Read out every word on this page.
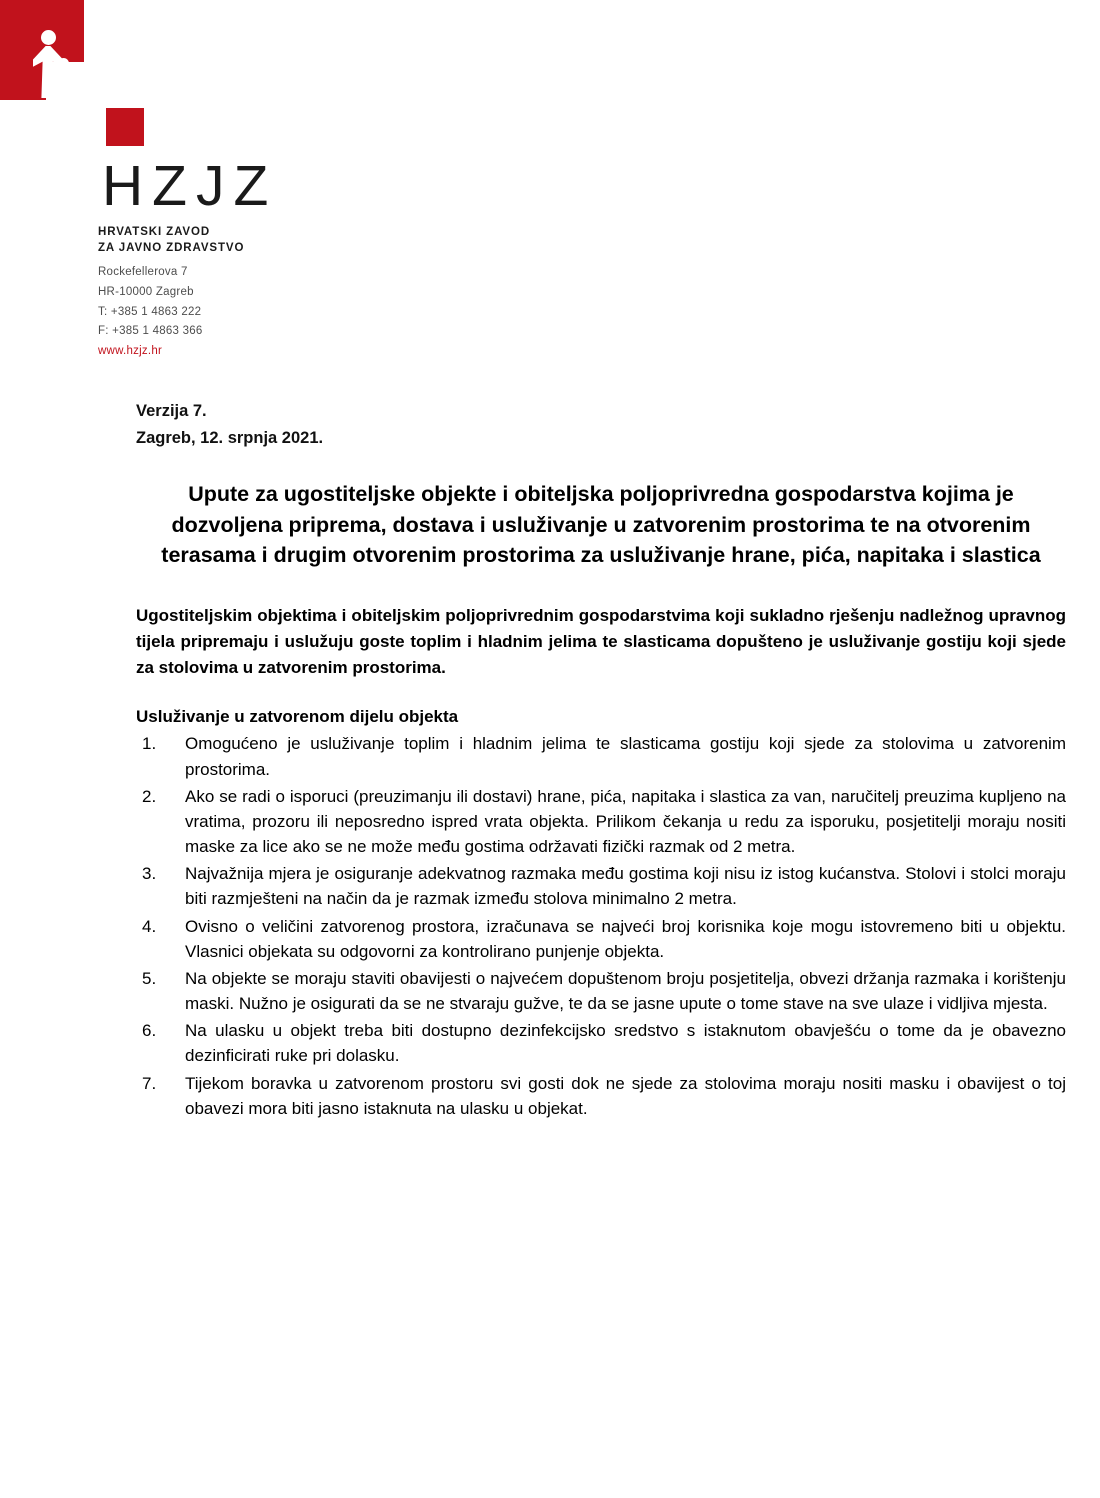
HZJZ
HRVATSKI ZAVOD
ZA JAVNO ZDRAVSTVO
Rockefellerova 7
HR-10000 Zagreb
T: +385 1 4863 222
F: +385 1 4863 366
www.hzjz.hr
Verzija 7.
Zagreb, 12. srpnja 2021.
Upute za ugostiteljske objekte i obiteljska poljoprivredna gospodarstva kojima je dozvoljena priprema, dostava i usluživanje u zatvorenim prostorima te na otvorenim terasama i drugim otvorenim prostorima za usluživanje hrane, pića, napitaka i slastica
Ugostiteljskim objektima i obiteljskim poljoprivrednim gospodarstvima koji sukladno rješenju nadležnog upravnog tijela pripremaju i uslužuju goste toplim i hladnim jelima te slasticama dopušteno je usluživanje gostiju koji sjede za stolovima u zatvorenim prostorima.
Usluživanje u zatvorenom dijelu objekta
1.	Omogućeno je usluživanje toplim i hladnim jelima te slasticama gostiju koji sjede za stolovima u zatvorenim prostorima.
2.	Ako se radi o isporuci (preuzimanju ili dostavi) hrane, pića, napitaka i slastica za van, naručitelj preuzima kupljeno na vratima, prozoru ili neposredno ispred vrata objekta. Prilikom čekanja u redu za isporuku, posjetitelji moraju nositi maske za lice ako se ne može među gostima održavati fizički razmak od 2 metra.
3.	Najvažnija mjera je osiguranje adekvatnog razmaka među gostima koji nisu iz istog kućanstva. Stolovi i stolci moraju biti razmješteni na način da je razmak između stolova minimalno 2 metra.
4.	Ovisno o veličini zatvorenog prostora, izračunava se najveći broj korisnika koje mogu istovremeno biti u objektu. Vlasnici objekata su odgovorni za kontrolirano punjenje objekta.
5.	Na objekte se moraju staviti obavijesti o najvećem dopuštenom broju posjetitelja, obvezi držanja razmaka i korištenju maski. Nužno je osigurati da se ne stvaraju gužve, te da se jasne upute o tome stave na sve ulaze i vidljiva mjesta.
6.	Na ulasku u objekt treba biti dostupno dezinfekcijsko sredstvo s istaknutom obavješću o tome da je obavezno dezinficirati ruke pri dolasku.
7.	Tijekom boravka u zatvorenom prostoru svi gosti dok ne sjede za stolovima moraju nositi masku i obavijest o toj obavezi mora biti jasno istaknuta na ulasku u objekat.
